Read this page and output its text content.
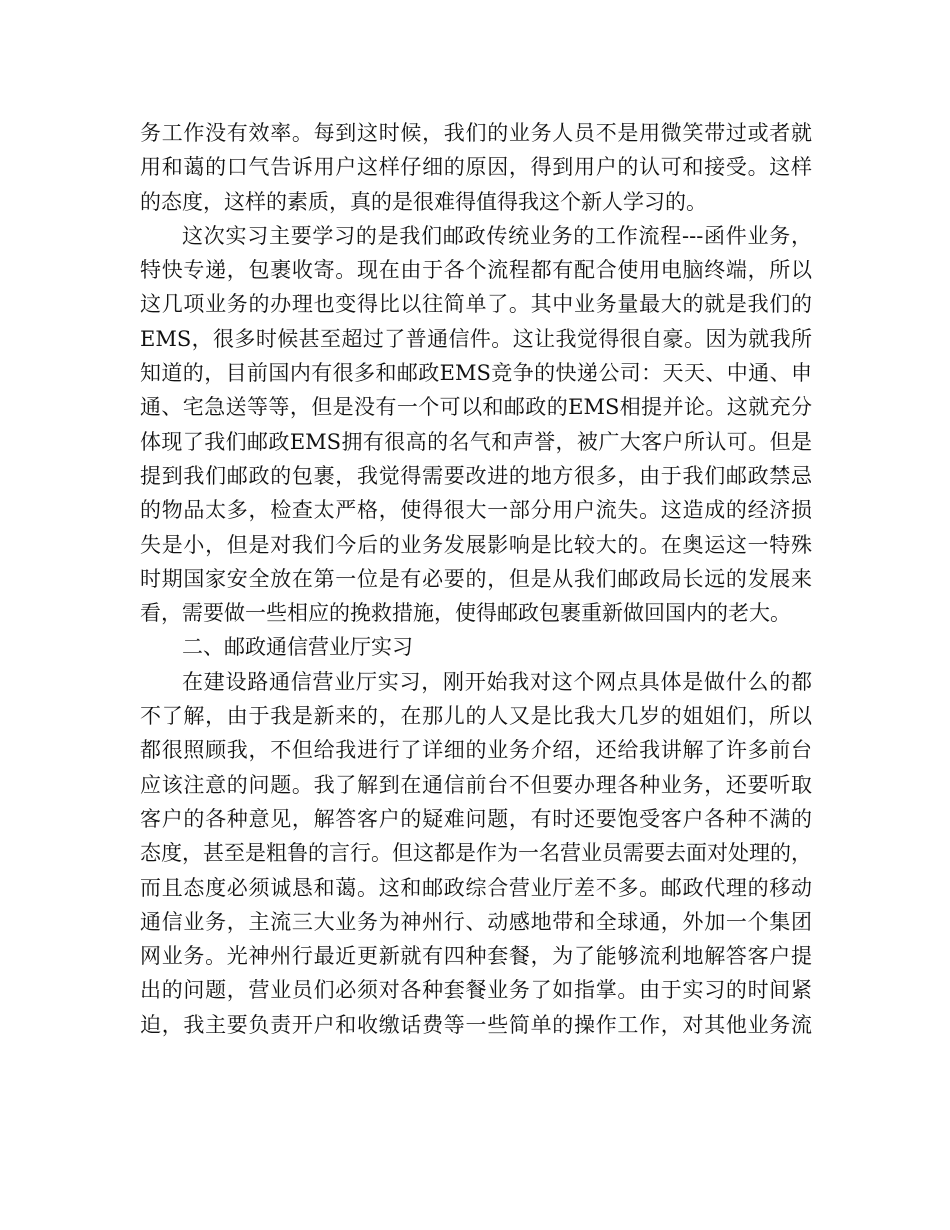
务工作没有效率。每到这时候，我们的业务人员不是用微笑带过或者就
用和蔼的口气告诉用户这样仔细的原因，得到用户的认可和接受。这样
的态度，这样的素质，真的是很难得值得我这个新人学习的。
这次实习主要学习的是我们邮政传统业务的工作流程---函件业务，
特快专递，包裹收寄。现在由于各个流程都有配合使用电脑终端，所以
这几项业务的办理也变得比以往简单了。其中业务量最大的就是我们的
EMS，很多时候甚至超过了普通信件。这让我觉得很自豪。因为就我所
知道的，目前国内有很多和邮政EMS竞争的快递公司：天天、中通、申
通、宅急送等等，但是没有一个可以和邮政的EMS相提并论。这就充分
体现了我们邮政EMS拥有很高的名气和声誉，被广大客户所认可。但是
提到我们邮政的包裹，我觉得需要改进的地方很多，由于我们邮政禁忌
的物品太多，检查太严格，使得很大一部分用户流失。这造成的经济损
失是小，但是对我们今后的业务发展影响是比较大的。在奥运这一特殊
时期国家安全放在第一位是有必要的，但是从我们邮政局长远的发展来
看，需要做一些相应的挽救措施，使得邮政包裹重新做回国内的老大。
二、邮政通信营业厅实习
在建设路通信营业厅实习，刚开始我对这个网点具体是做什么的都
不了解，由于我是新来的，在那儿的人又是比我大几岁的姐姐们，所以
都很照顾我，不但给我进行了详细的业务介绍，还给我讲解了许多前台
应该注意的问题。我了解到在通信前台不但要办理各种业务，还要听取
客户的各种意见，解答客户的疑难问题，有时还要饱受客户各种不满的
态度，甚至是粗鲁的言行。但这都是作为一名营业员需要去面对处理的，
而且态度必须诚恳和蔼。这和邮政综合营业厅差不多。邮政代理的移动
通信业务，主流三大业务为神州行、动感地带和全球通，外加一个集团
网业务。光神州行最近更新就有四种套餐，为了能够流利地解答客户提
出的问题，营业员们必须对各种套餐业务了如指掌。由于实习的时间紧
迫，我主要负责开户和收缴话费等一些简单的操作工作，对其他业务流
